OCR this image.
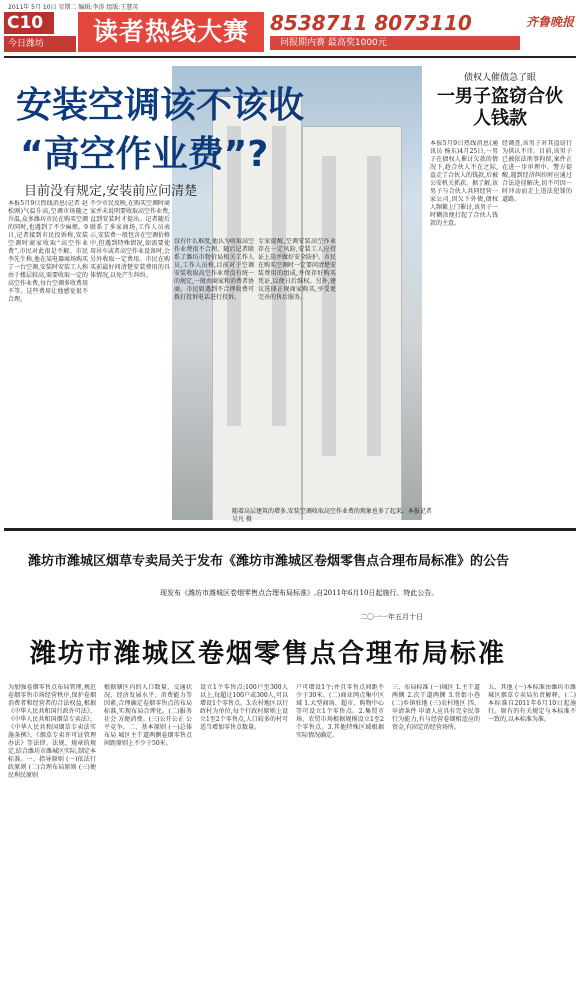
2011年 5月 10日 星期二 编辑:李涛 组版:王慧英
C10
今日潍坊	读者热线大赛	8538711 8073110
问报期内赛 最高奖1000元
齐鲁晚报
安装空调该不该收
“高空作业费”?
目前没有规定,安装前应问清楚
本报5月9日热线消息(记者 赵松刚)气温升高,空调市场随之升温,众多潍坊市民在购买空调的同时,也遇到了不少麻烦。9日,记者接到市民投诉称,安装空调时商家收取“高空作业费”,市民对此很是不解。市民李先生称,他在某电器商场购买了一台空调,安装时安装工人称由于楼层较高,需要收取一定的高空作业费,每台空调多收费用不等。这些费用让他感觉很不合理。
不少市民反映,在购买空调时商家并未说明要收取高空作业费,直到安装时才提出。记者随后联系了多家商场,工作人员表示,安装费一般包含在空调价格中,但遇到特殊情况,如需要使用吊车或者高空作业设备时,会另外收取一定费用。市民在购买前最好问清楚安装费用的具体情况,以免产生纠纷。
没有什么难度,他认为收取高空作业费很不合理。随后记者联系了潍坊市物价局相关工作人员,工作人员称,目前对于空调安装收取高空作业费没有统一的规定,一般由商家和消费者协商。市民如遇到不合理收费可拨打投诉电话进行投诉。
专家提醒,空调安装高空作业存在一定风险,安装工人应持证上岗并做好安全防护。市民在购买空调时一定要问清楚安装费用的组成,并保存好购买凭证,以便日后维权。另外,建议选择正规商家购买,享受更完善的售后服务。
随着高层建筑的增多,安装空调收取高空作业费的现象也多了起来。本报记者 吴凡 摄
债权人催债急了眼
一男子盗窃合伙人钱款
本报5月9日热线消息(通讯员 杨东)4月25日,一男子在债权人催讨欠款的情况下,趁合伙人不在之际,盗走了合伙人的钱款,后被公安机关抓获。据了解,该男子与合伙人共同经营一家公司,因欠下外债,债权人频繁上门催讨,该男子一时糊涂便打起了合伙人钱款的主意。
经调查,该男子对其盗窃行为供认不讳。目前,该男子已被依法刑事拘留,案件正在进一步审理中。警方提醒,遇到经济纠纷时应通过合法途径解决,切不可因一时冲动而走上违法犯罪的道路。
潍坊市潍城区烟草专卖局关于发布《潍坊市潍城区卷烟零售点合理布局标准》的公告
现发布《潍坊市潍城区卷烟零售点合理布局标准》,自2011年6月10日起施行。特此公告。
二〇一一年五月十日
潍坊市潍城区卷烟零售点合理布局标准
为加强卷烟零售点布局管理,规范卷烟零售市场经营秩序,保护卷烟消费者和经营者的合法权益,根据《中华人民共和国行政许可法》、《中华人民共和国烟草专卖法》、《中华人民共和国烟草专卖法实施条例》、《烟草专卖许可证管理办法》等法律、法规、规章的规定,结合潍坊市潍城区实际,制定本标准。一、指导原则 (一)依法行政原则 (二)合理布局原则 (三)便民利民原则
根据辖区内的人口数量、交通状况、经济发展水平、消费能力等因素,合理确定卷烟零售点的布局标准,实现布局合理化。(二)服务社会 方便消费。(三)公开公正 公平竞争。二、基本原则 (一)总体布局 城区主干道两侧卷烟零售点间距原则上不少于50米。
设立1个零售点;100户至300人以上,每超过100户或300人,可以增设1个零售点。3.农村地区以行政村为单位,每个行政村原则上设立1至2个零售点,人口较多的村可适当增加零售点数量。
户可增设1个;并且零售点间距不少于30米。(二)商业网点集中区域 1.大型商场、超市、购物中心等可设立1个零售点。2.集贸市场、农贸市场根据规模设立1至2个零售点。3.其他特殊区域根据实际情况确定。
三、布局标准 (一)城区 1.主干道两侧 2.次干道两侧 3.背街小巷 (二)乡镇驻地 (三)农村地区 四、申请条件 申请人应具有完全民事行为能力,有与经营卷烟相适应的资金,有固定的经营场所。
五、其他 (一)本标准由潍坊市潍城区烟草专卖局负责解释。(二)本标准自2011年6月10日起施行。原有的有关规定与本标准不一致的,以本标准为准。
